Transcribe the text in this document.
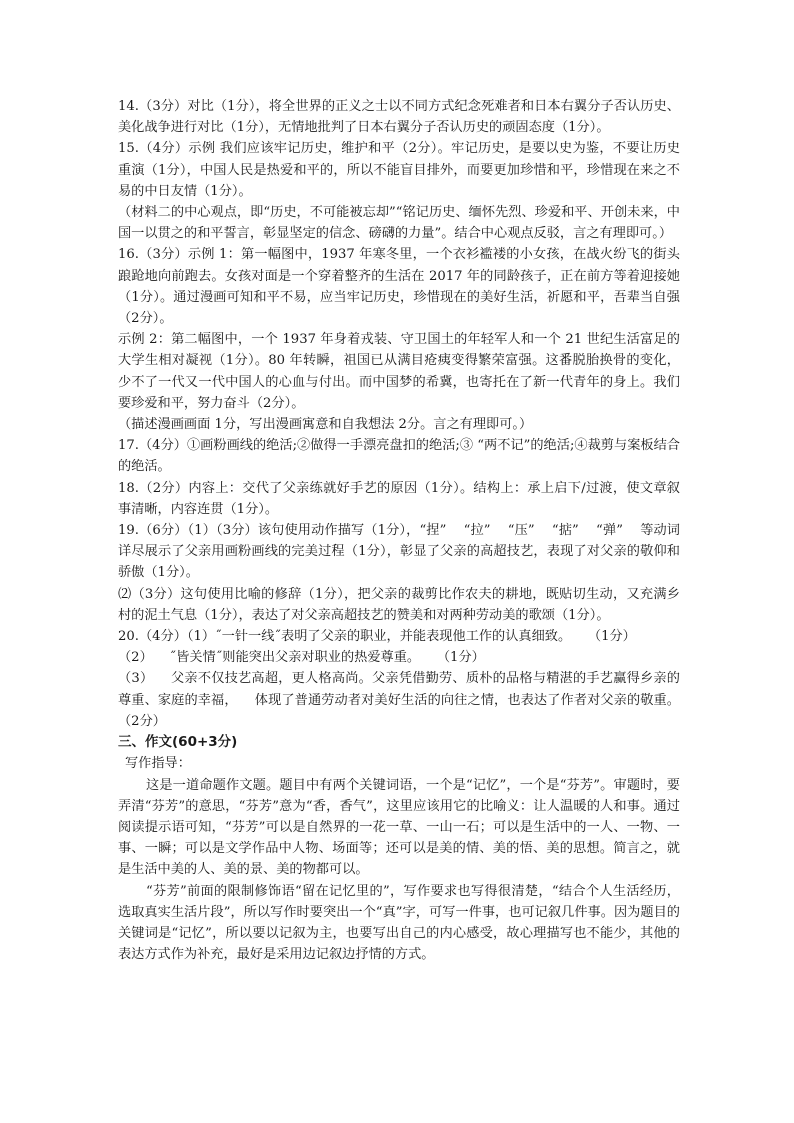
14.（3分）对比（1分），将全世界的正义之士以不同方式纪念死难者和日本右翼分子否认历史、美化战争进行对比（1分），无情地批判了日本右翼分子否认历史的顽固态度（1分）。

15.（4分）示例 我们应该牢记历史，维护和平（2分）。牢记历史，是要以史为鉴，不要让历史重演（1分），中国人民是热爱和平的，所以不能盲目排外，而要更加珍惜和平，珍惜现在来之不易的中日友情（1分）。

（材料二的中心观点，即“历史，不可能被忘却”“铭记历史、缅怀先烈、珍爱和平、开创未来，中国一以贯之的和平誓言，彰显坚定的信念、磅礴的力量”。结合中心观点反驳，言之有理即可。）

16.（3分）示例 1：第一幅图中，1937 年寒冬里，一个衣衫褴褛的小女孩，在战火纷飞的街头踉跄地向前跑去。女孩对面是一个穿着整齐的生活在 2017 年的同龄孩子，正在前方等着迎接她（1分）。通过漫画可知和平不易，应当牢记历史，珍惜现在的美好生活，祈愿和平，吾辈当自强（2分）。

示例 2：第二幅图中，一个 1937 年身着戎装、守卫国土的年轻军人和一个 21 世纪生活富足的大学生相对凝视（1分）。80 年转瞬，祖国已从满目疮痍变得繁荣富强。这番脱胎换骨的变化，少不了一代又一代中国人的心血与付出。而中国梦的希冀，也寄托在了新一代青年的身上。我们要珍爱和平，努力奋斗（2分）。

（描述漫画画面 1分，写出漫画寓意和自我想法 2分。言之有理即可。）

17.（4分）①画粉画线的绝活;②做得一手漂亮盘扣的绝活;③ “两不记”的绝活;④裁剪与案板结合的绝活。

18.（2分）内容上：交代了父亲练就好手艺的原因（1分）。结构上：承上启下/过渡，使文章叙事清晰，内容连贯（1分）。

19.（6分）（1）（3分）该句使用动作描写（1分），“捏”    “拉”    “压”    “掂”    “弹”    等动词详尽展示了父亲用画粉画线的完美过程（1分），彰显了父亲的高超技艺，表现了对父亲的敬仰和骄傲（1分）。

⑵（3分）这句使用比喻的修辞（1分），把父亲的裁剪比作农夫的耕地，既贴切生动，又充满乡村的泥土气息（1分），表达了对父亲高超技艺的赞美和对两种劳动美的歌颂（1分）。

20.（4分）（1）˝一针一线˝表明了父亲的职业，并能表现他工作的认真细致。    （1分）

（2）    ˝皆关情˝则能突出父亲对职业的热爱尊重。    （1分）

（3）    父亲不仅技艺高超，更人格高尚。父亲凭借勤劳、质朴的品格与精湛的手艺赢得乡亲的尊重、家庭的幸福，    体现了普通劳动者对美好生活的向往之情，也表达了作者对父亲的敬重。    （2分）

三、作文(60+3分)

写作指导：

这是一道命题作文题。题目中有两个关键词语，一个是“记忆”，一个是“芬芳”。审题时，要弄清“芬芳”的意思，“芬芳”意为“香，香气”，这里应该用它的比喻义：让人温暖的人和事。通过阅读提示语可知，“芬芳”可以是自然界的一花一草、一山一石；可以是生活中的一人、一物、一事、一瞬；可以是文学作品中人物、场面等；还可以是美的情、美的悟、美的思想。简言之，就是生活中美的人、美的景、美的物都可以。

“芬芳”前面的限制修饰语“留在记忆里的”，写作要求也写得很清楚，“结合个人生活经历，选取真实生活片段”，所以写作时要突出一个“真”字，可写一件事，也可记叙几件事。因为题目的关键词是“记忆”，所以要以记叙为主，也要写出自己的内心感受，故心理描写也不能少，其他的表达方式作为补充，最好是采用边记叙边抒情的方式。
